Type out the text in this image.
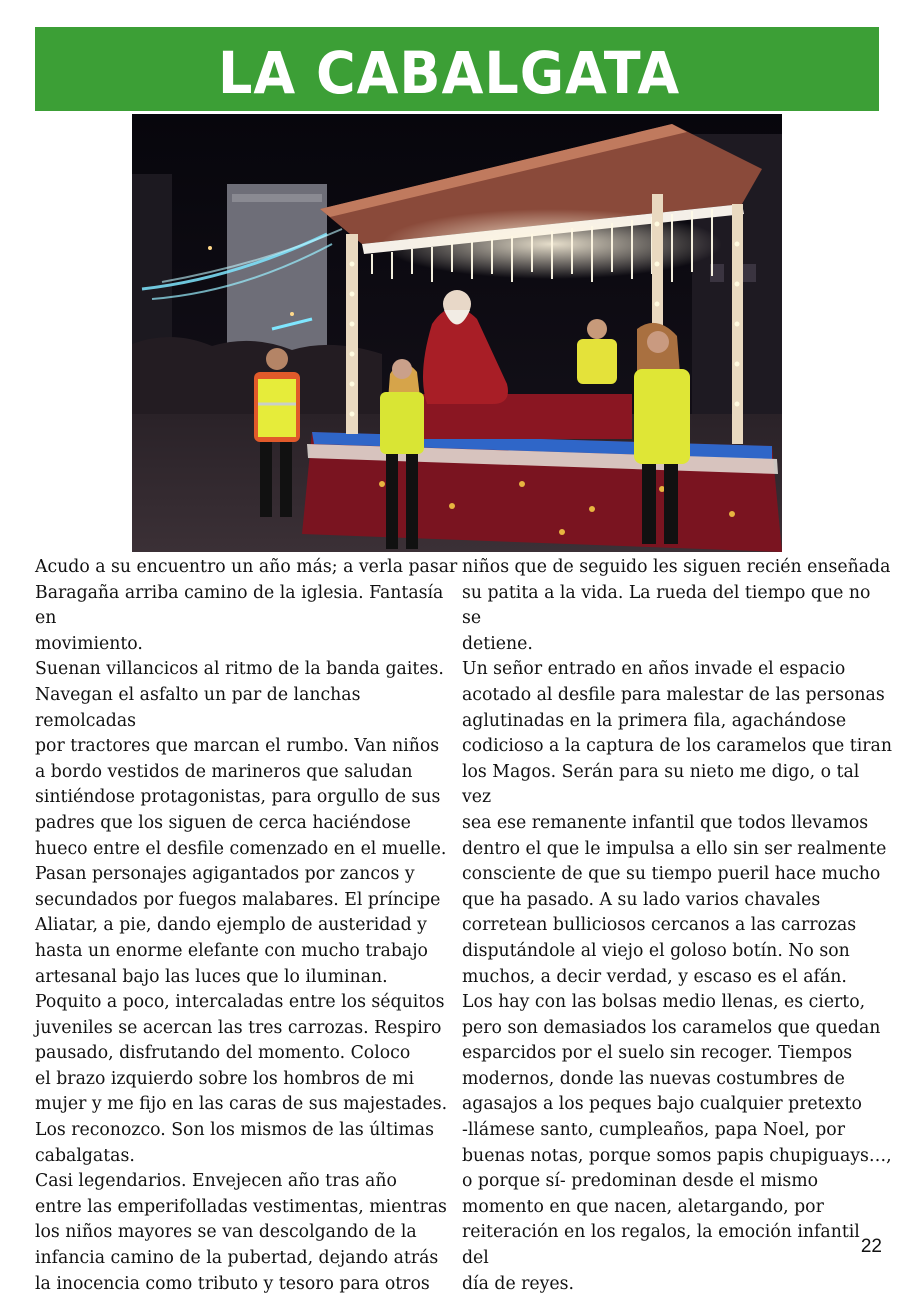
LA CABALGATA

Acudo a su encuentro un año más; a verla pasar

Baragaña arriba camino de la iglesia. Fantasía en

movimiento.

Suenan villancicos al ritmo de la banda gaites.

Navegan el asfalto un par de lanchas remolcadas

por tractores que marcan el rumbo. Van niños

a bordo vestidos de marineros que saludan

sintiéndose protagonistas, para orgullo de sus

padres que los siguen de cerca haciéndose

hueco entre el desfile comenzado en el muelle.

Pasan personajes agigantados por zancos y

secundados por fuegos malabares. El príncipe

Aliatar, a pie, dando ejemplo de austeridad y

hasta un enorme elefante con mucho trabajo

artesanal bajo las luces que lo iluminan.

Poquito a poco, intercaladas entre los séquitos

juveniles se acercan las tres carrozas. Respiro

pausado, disfrutando del momento. Coloco

el brazo izquierdo sobre los hombros de mi

mujer y me fijo en las caras de sus majestades.

Los reconozco. Son los mismos de las últimas

cabalgatas.

Casi legendarios. Envejecen año tras año

entre las emperifolladas vestimentas, mientras

los niños mayores se van descolgando de la

infancia camino de la pubertad, dejando atrás

la inocencia como tributo y tesoro para otros

niños que de seguido les siguen recién enseñada

su patita a la vida. La rueda del tiempo que no se

detiene.

Un señor entrado en años invade el espacio

acotado al desfile para malestar de las personas

aglutinadas en la primera fila, agachándose

codicioso a la captura de los caramelos que tiran

los Magos. Serán para su nieto me digo, o tal vez

sea ese remanente infantil que todos llevamos

dentro el que le impulsa a ello sin ser realmente

consciente de que su tiempo pueril hace mucho

que ha pasado. A su lado varios chavales

corretean bulliciosos cercanos a las carrozas

disputándole al viejo el goloso botín. No son

muchos, a decir verdad, y escaso es el afán.

Los hay con las bolsas medio llenas, es cierto,

pero son demasiados los caramelos que quedan

esparcidos por el suelo sin recoger. Tiempos

modernos, donde las nuevas costumbres de

agasajos a los peques bajo cualquier pretexto

-llámese santo, cumpleaños, papa Noel, por

buenas notas, porque somos papis chupiguays…,

o porque sí- predominan desde el mismo

momento en que nacen, aletargando, por

reiteración en los regalos, la emoción infantil del

día de reyes.

22
